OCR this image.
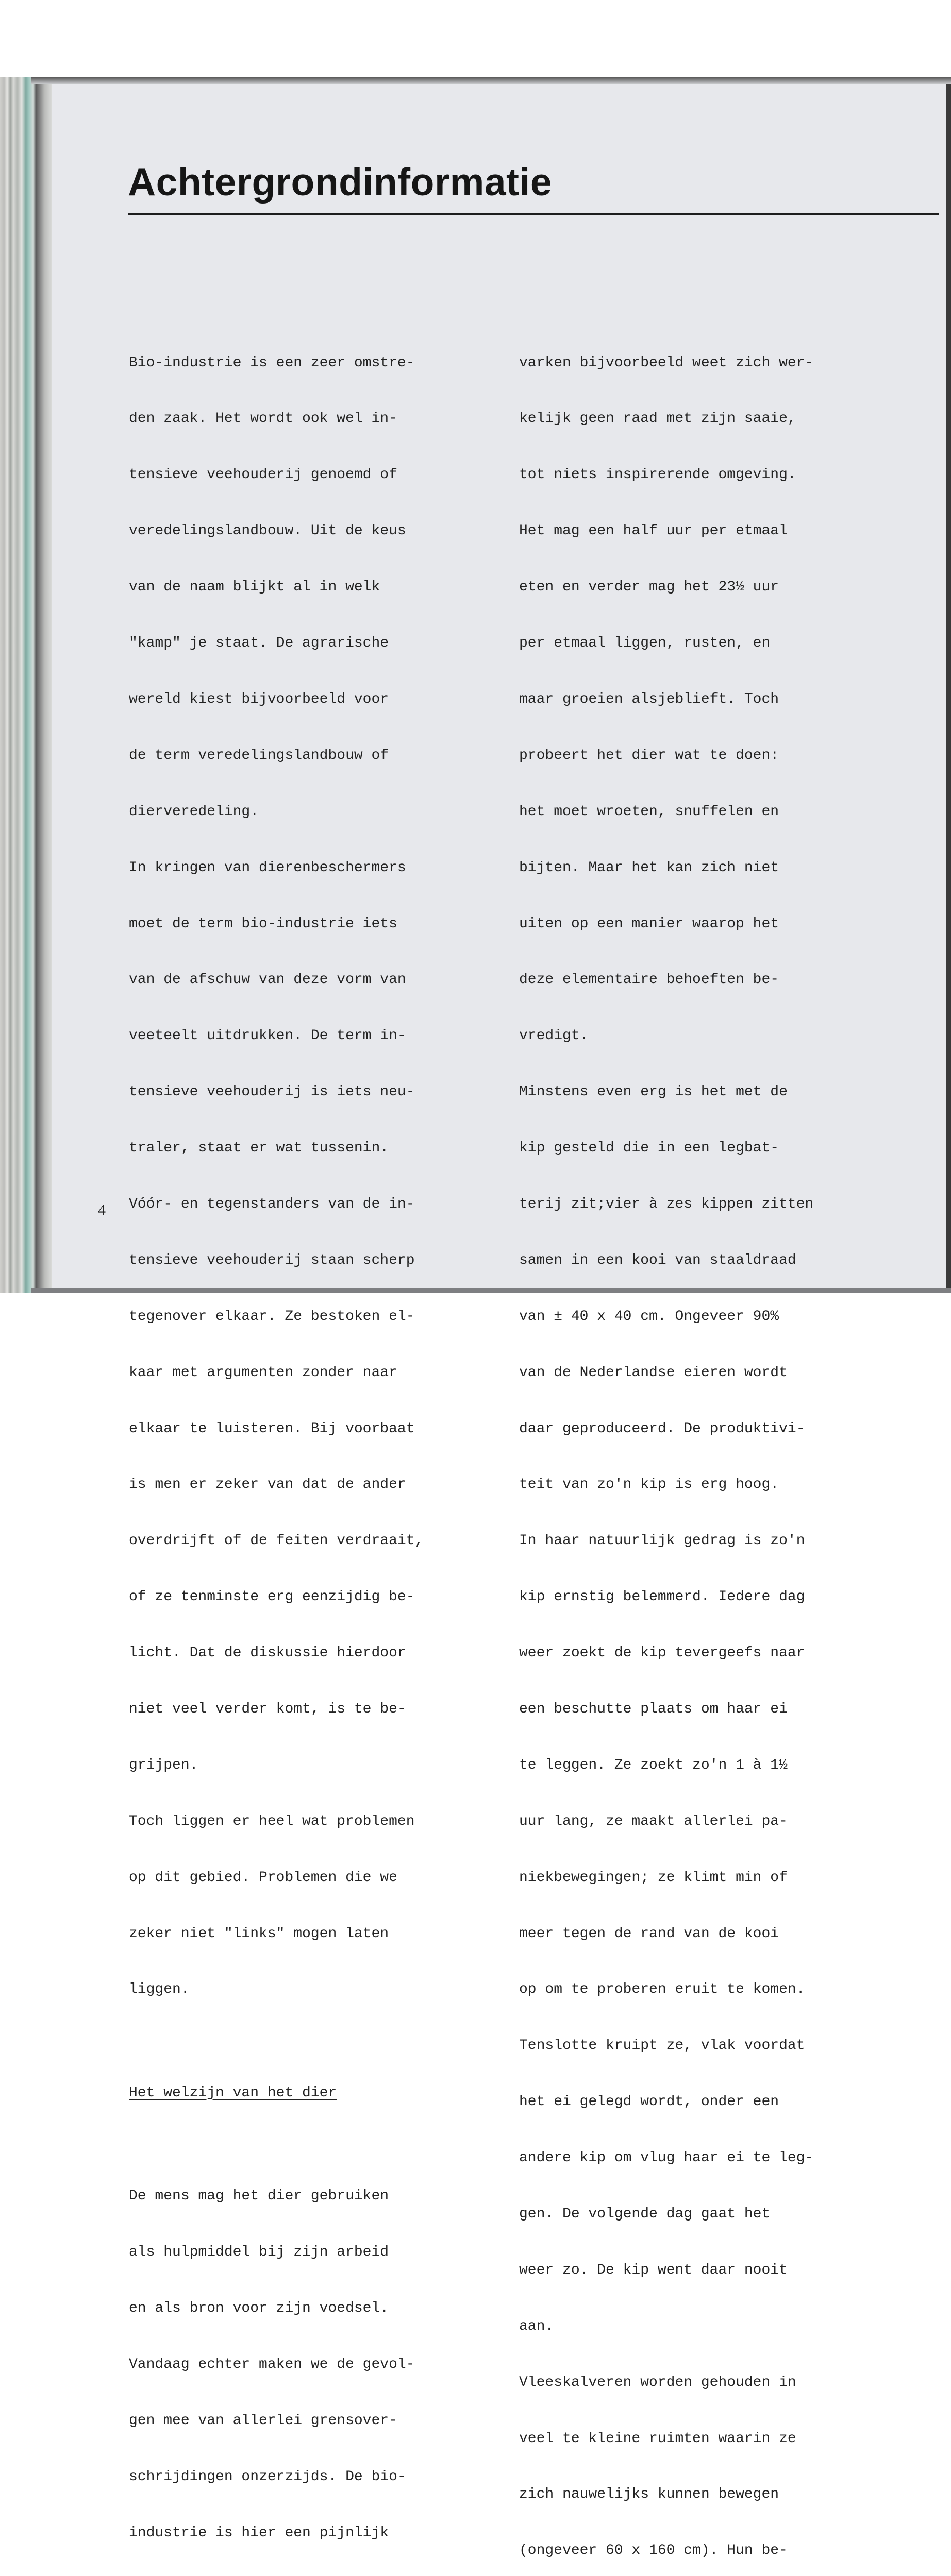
Achtergrondinformatie

Bio-industrie is een zeer omstre-

den zaak. Het wordt ook wel in-

tensieve veehouderij genoemd of

veredelingslandbouw. Uit de keus

van de naam blijkt al in welk

"kamp" je staat. De agrarische

wereld kiest bijvoorbeeld voor

de term veredelingslandbouw of

dierveredeling.

In kringen van dierenbeschermers

moet de term bio-industrie iets

van de afschuw van deze vorm van

veeteelt uitdrukken. De term in-

tensieve veehouderij is iets neu-

traler, staat er wat tussenin.

Vóór- en tegenstanders van de in-

tensieve veehouderij staan scherp

tegenover elkaar. Ze bestoken el-

kaar met argumenten zonder naar

elkaar te luisteren. Bij voorbaat

is men er zeker van dat de ander

overdrijft of de feiten verdraait,

of ze tenminste erg eenzijdig be-

licht. Dat de diskussie hierdoor

niet veel verder komt, is te be-

grijpen.

Toch liggen er heel wat problemen

op dit gebied. Problemen die we

zeker niet "links" mogen laten

liggen.

Het welzijn van het dier

De mens mag het dier gebruiken

als hulpmiddel bij zijn arbeid

en als bron voor zijn voedsel.

Vandaag echter maken we de gevol-

gen mee van allerlei grensover-

schrijdingen onzerzijds. De bio-

industrie is hier een pijnlijk

varken bijvoorbeeld weet zich wer-

kelijk geen raad met zijn saaie,

tot niets inspirerende omgeving.

Het mag een half uur per etmaal

eten en verder mag het 23½ uur

per etmaal liggen, rusten, en

maar groeien alsjeblieft. Toch

probeert het dier wat te doen:

het moet wroeten, snuffelen en

bijten. Maar het kan zich niet

uiten op een manier waarop het

deze elementaire behoeften be-

vredigt.

Minstens even erg is het met de

kip gesteld die in een legbat-

terij zit;vier à zes kippen zitten

samen in een kooi van staaldraad

van ± 40 x 40 cm. Ongeveer 90%

van de Nederlandse eieren wordt

daar geproduceerd. De produktivi-

teit van zo'n kip is erg hoog.

In haar natuurlijk gedrag is zo'n

kip ernstig belemmerd. Iedere dag

weer zoekt de kip tevergeefs naar

een beschutte plaats om haar ei

te leggen. Ze zoekt zo'n 1 à 1½

uur lang, ze maakt allerlei pa-

niekbewegingen; ze klimt min of

meer tegen de rand van de kooi

op om te proberen eruit te komen.

Tenslotte kruipt ze, vlak voordat

het ei gelegd wordt, onder een

andere kip om vlug haar ei te leg-

gen. De volgende dag gaat het

weer zo. De kip went daar nooit

aan.

Vleeskalveren worden gehouden in

veel te kleine ruimten waarin ze

zich nauwelijks kunnen bewegen

(ongeveer 60 x 160 cm). Hun be-

4
